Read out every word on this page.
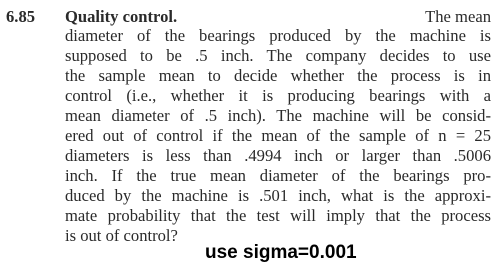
6.85 Quality control.	The mean
diameter of the bearings produced by the machine is
supposed to be .5 inch. The company decides to use
the sample mean to decide whether the process is in
control (i.e., whether it is producing bearings with a
mean diameter of .5 inch). The machine will be consid-
ered out of control if the mean of the sample of n = 25
diameters is less than .4994 inch or larger than .5006
inch. If the true mean diameter of the bearings pro-
duced by the machine is .501 inch, what is the approxi-
mate probability that the test will imply that the process
is out of control?
use sigma=0.001
